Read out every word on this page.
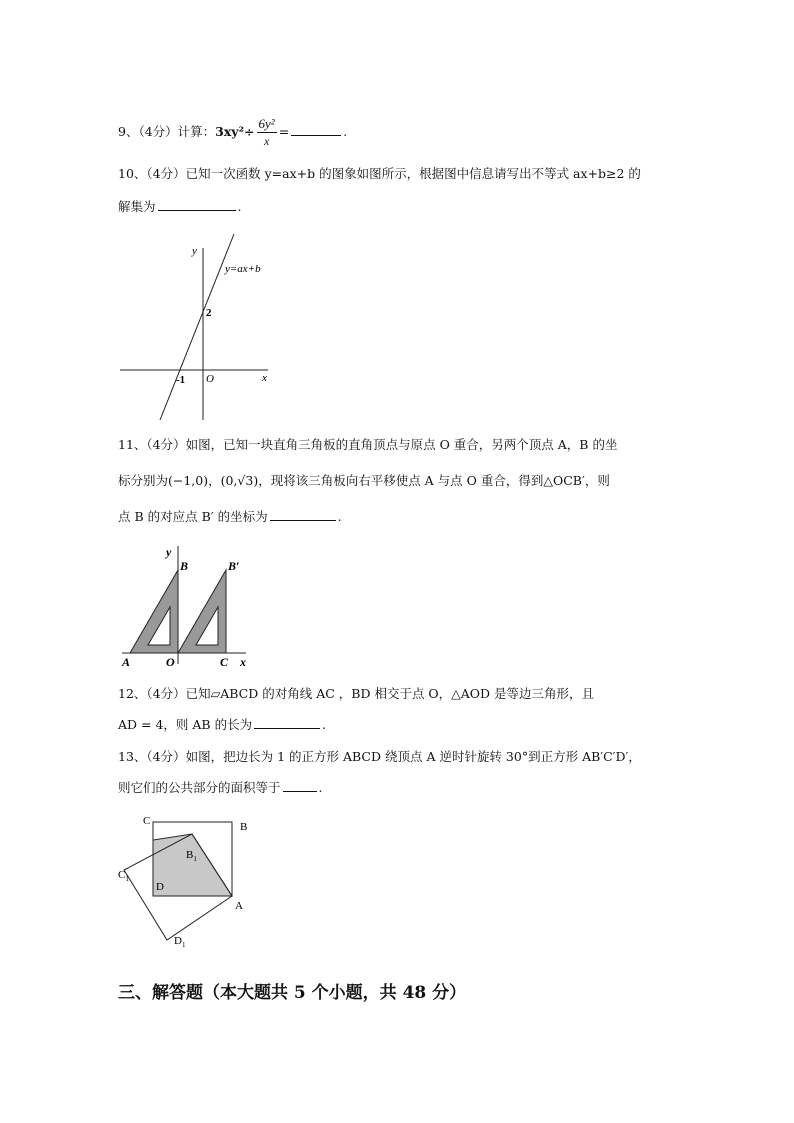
9、（4分）计算：$3xy^2\div \frac{\text{6y²}}{x}$ =	.
10、（4分）已知一次函数 y=ax+b 的图象如图所示，根据图中信息请写出不等式 ax+b≥2 的
解集为	.
y
x
y=ax+b
2
-1 O
11、（4分）如图，已知一块直角三角板的直角顶点与原点 O 重合，另两个顶点 A，B 的坐
标分别为(−1,0)，(0,√3)，现将该三角板向右平移使点 A 与点 O 重合，得到△OCB′，则
点 B 的对应点 B′ 的坐标为	.
y
B	B′
A	O	C x
12、（4分）已知▱ABCD 的对角线 AC ，BD 相交于点 O，△AOD 是等边三角形，且
AD = 4，则 AB 的长为	.
13、（4分）如图，把边长为 1 的正方形 ABCD 绕顶点 A 逆时针旋转 30°到正方形 AB′C′D′，
则它们的公共部分的面积等于	.
C	B
$B_1$
$C_1$
D
A
$D_1$
三、解答题（本大题共 5 个小题，共 48 分）
